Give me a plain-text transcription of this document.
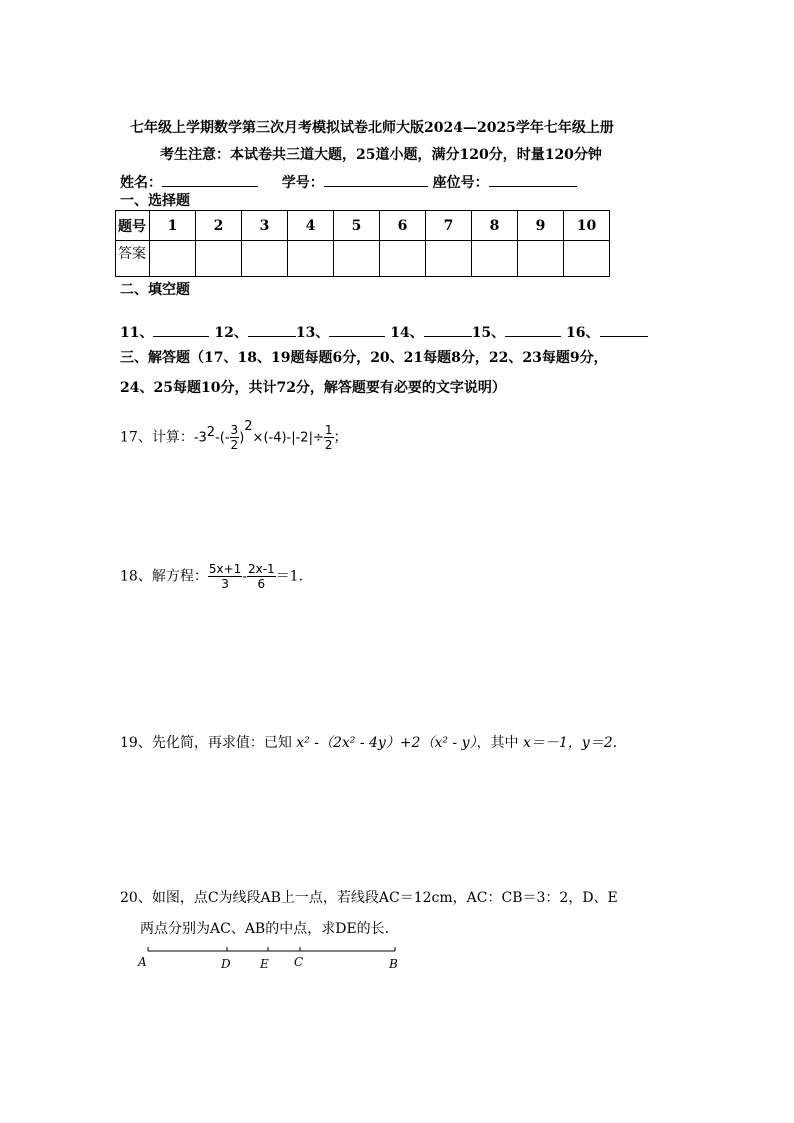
七年级上学期数学第三次月考模拟试卷北师大版2024—2025学年七年级上册
考生注意：本试卷共三道大题，25道小题，满分120分，时量120分钟
姓名：	学号：	座位号：
一、选择题
题号	1	2	3	4	5	6	7	8	9	10
答案										
二、填空题
11、	12、	13、	14、	15、	16、
三、解答题（17、18、19题每题6分，20、21每题8分，22、23每题9分，
24、25每题10分，共计72分，解答题要有必要的文字说明）
17、计算：$-3^2-(- \frac{3}{2} )^2\times(-4)-|-2|\div \frac{1}{2}$ ；
18、解方程： $\frac{5x+1}{3} - \frac{2x-1}{6} =1$.
19、先化简，再求值：已知 x² -（2x² - 4y）+2（x² - y），其中 x＝－1，y＝2.
20、如图，点C为线段AB上一点，若线段AC＝12cm，AC：CB＝3：2，D、E
两点分别为AC、AB的中点，求DE的长.
A	D E C	B
